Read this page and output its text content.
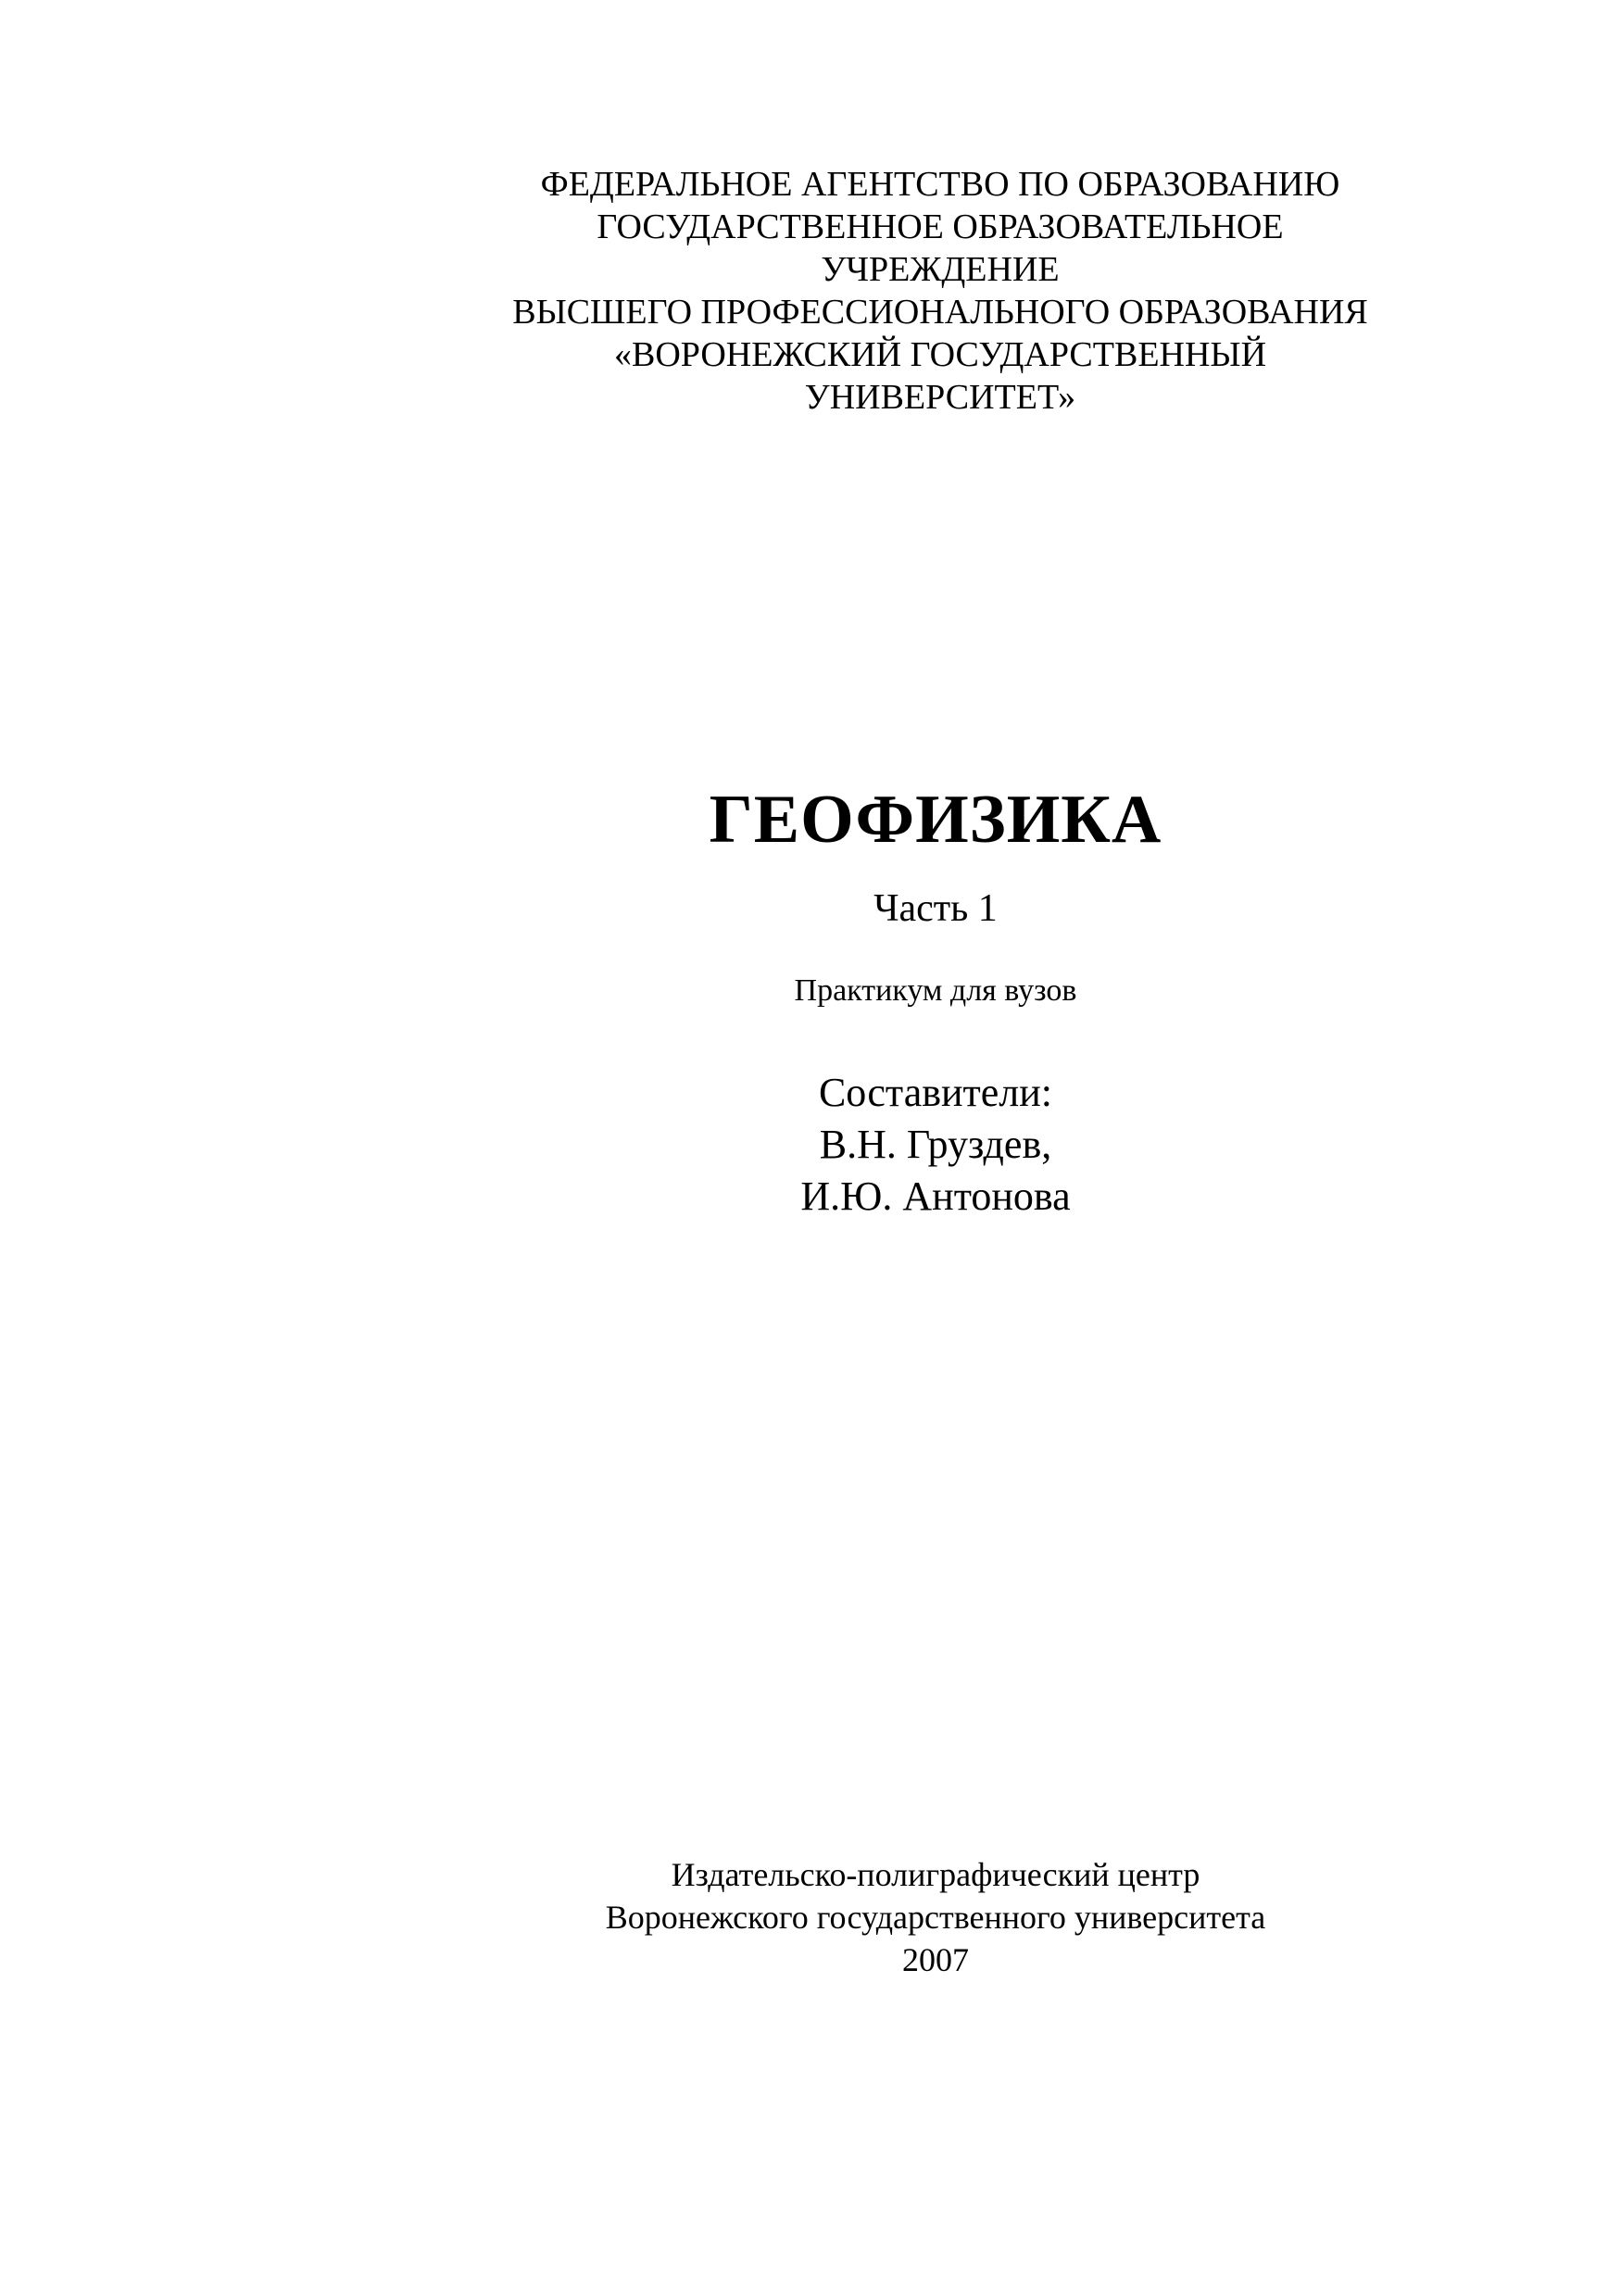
ФЕДЕРАЛЬНОЕ АГЕНТСТВО ПО ОБРАЗОВАНИЮ
ГОСУДАРСТВЕННОЕ ОБРАЗОВАТЕЛЬНОЕ
УЧРЕЖДЕНИЕ
ВЫСШЕГО ПРОФЕССИОНАЛЬНОГО ОБРАЗОВАНИЯ
«ВОРОНЕЖСКИЙ ГОСУДАРСТВЕННЫЙ
УНИВЕРСИТЕТ»
ГЕОФИЗИКА
Часть 1
Практикум для вузов
Составители:
В.Н. Груздев,
И.Ю. Антонова
Издательско-полиграфический центр
Воронежского государственного университета
2007
